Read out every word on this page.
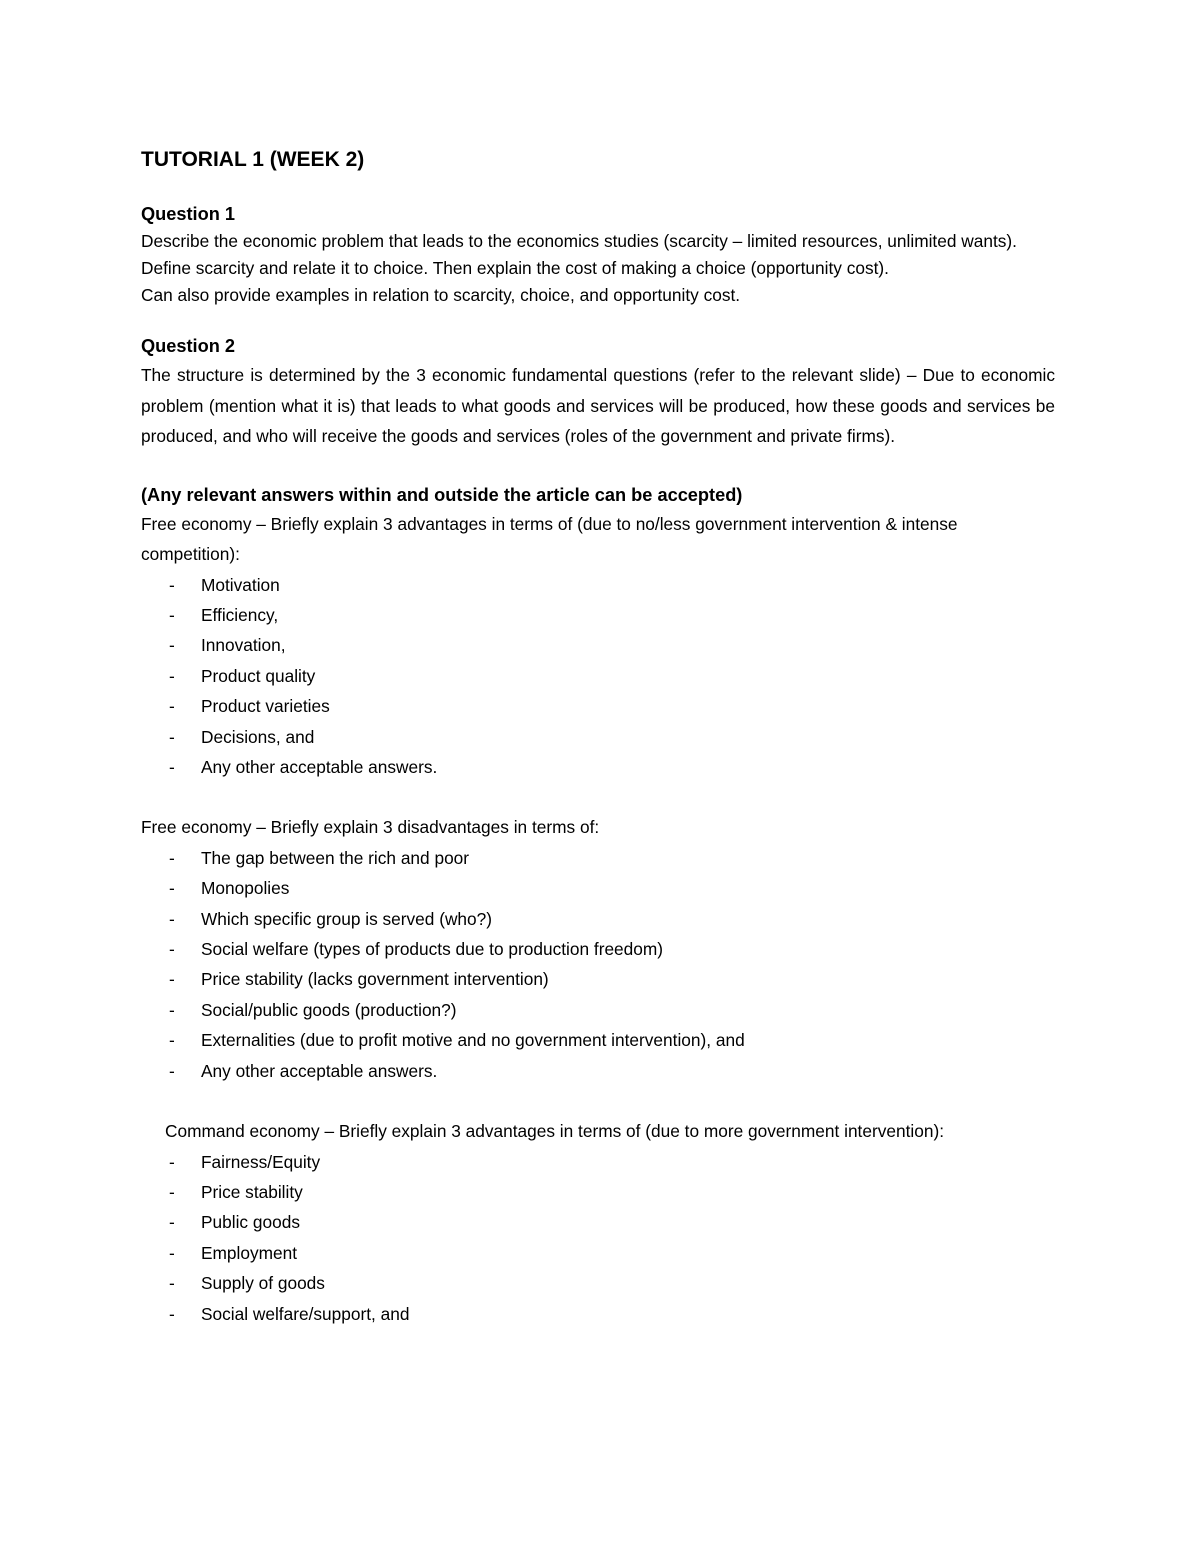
TUTORIAL 1 (WEEK 2)

Question 1

Describe the economic problem that leads to the economics studies (scarcity – limited resources, unlimited wants).

Define scarcity and relate it to choice. Then explain the cost of making a choice (opportunity cost).

Can also provide examples in relation to scarcity, choice, and opportunity cost.

Question 2

The structure is determined by the 3 economic fundamental questions (refer to the relevant slide) – Due to economic problem (mention what it is) that leads to what goods and services will be produced, how these goods and services be produced, and who will receive the goods and services (roles of the government and private firms).

(Any relevant answers within and outside the article can be accepted)

Free economy – Briefly explain 3 advantages in terms of (due to no/less government intervention & intense competition):

- Motivation
- Efficiency,
- Innovation,
- Product quality
- Product varieties
- Decisions, and
- Any other acceptable answers.

Free economy – Briefly explain 3 disadvantages in terms of:

- The gap between the rich and poor
- Monopolies
- Which specific group is served (who?)
- Social welfare (types of products due to production freedom)
- Price stability (lacks government intervention)
- Social/public goods (production?)
- Externalities (due to profit motive and no government intervention), and
- Any other acceptable answers.

Command economy – Briefly explain 3 advantages in terms of (due to more government intervention):

- Fairness/Equity
- Price stability
- Public goods
- Employment
- Supply of goods
- Social welfare/support, and
